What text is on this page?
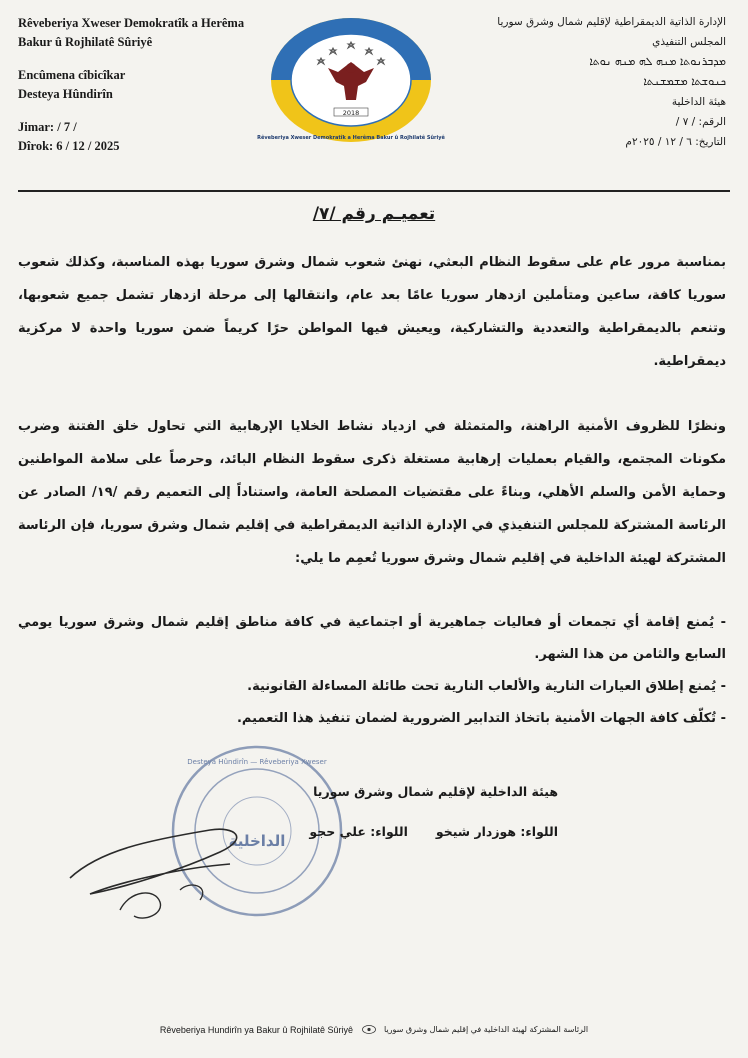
Rêveberiya Xweser Demokratîk a Herêma
Bakur û Rojhilatê Sûriyê
Encûmena cîbicîkar
Desteya Hûndirîn
Jimar: / 7 /
Dîrok: 6 / 12 / 2025
2018
Rêveberiya Xweser Demokratîk a Herêma Bakur û Rojhilatê Sûriyê
الإدارة الذاتية الديمقراطية لإقليم شمال وشرق سوريا
المجلس التنفيذي
ܡܕܒܪܢܘܬܐ ܡܢܗ ܠܗ ܡܢܗ ܢܘܬܐ
ܟܢܘܫܬܐ ܡܫܡܫܢܬܐ
هيئة الداخلية
الرقم: / ٧ /
التاريخ: ٦ / ١٢ / ٢٠٢٥م
تعميـم رقم /٧/

بمناسبة مرور عام على سقوط النظام البعثي، نهنئ شعوب شمال وشرق سوريا بهذه المناسبة، وكذلك شعوب سوريا كافة، ساعين ومتأملين ازدهار سوريا عامًا بعد عام، وانتقالها إلى مرحلة ازدهار تشمل جميع شعوبها، وتنعم بالديمقراطية والتعددية والتشاركية، ويعيش فيها المواطن حرًا كريماً ضمن سوريا واحدة لا مركزية ديمقراطية.

ونظرًا للظروف الأمنية الراهنة، والمتمثلة في ازدياد نشاط الخلايا الإرهابية التي تحاول خلق الفتنة وضرب مكونات المجتمع، والقيام بعمليات إرهابية مستغلة ذكرى سقوط النظام البائد، وحرصاً على سلامة المواطنين وحماية الأمن والسلم الأهلي، وبناءً على مقتضيات المصلحة العامة، واستناداً إلى التعميم رقم /١٩/ الصادر عن الرئاسة المشتركة للمجلس التنفيذي في الإدارة الذاتية الديمقراطية في إقليم شمال وشرق سوريا، فإن الرئاسة المشتركة لهيئة الداخلية في إقليم شمال وشرق سوريا تُعمِم ما يلي:

- يُمنع إقامة أي تجمعات أو فعاليات جماهيرية أو اجتماعية في كافة مناطق إقليم شمال وشرق سوريا يومي السابع والثامن من هذا الشهر.
- يُمنع إطلاق العيارات النارية والألعاب النارية تحت طائلة المساءلة القانونية.
- تُكلّف كافة الجهات الأمنية باتخاذ التدابير الضرورية لضمان تنفيذ هذا التعميم.
Desteya Hûndirîn — Rêveberiya Xweser
الداخلية
هيئة الداخلية لإقليم شمال وشرق سوريا
اللواء: هوزدار شيخو
اللواء: علي حجو
Rêveberiya Hundirîn ya Bakur û Rojhilatê Sûriyê	الرئاسة المشتركة لهيئة الداخلية في إقليم شمال وشرق سوريا
